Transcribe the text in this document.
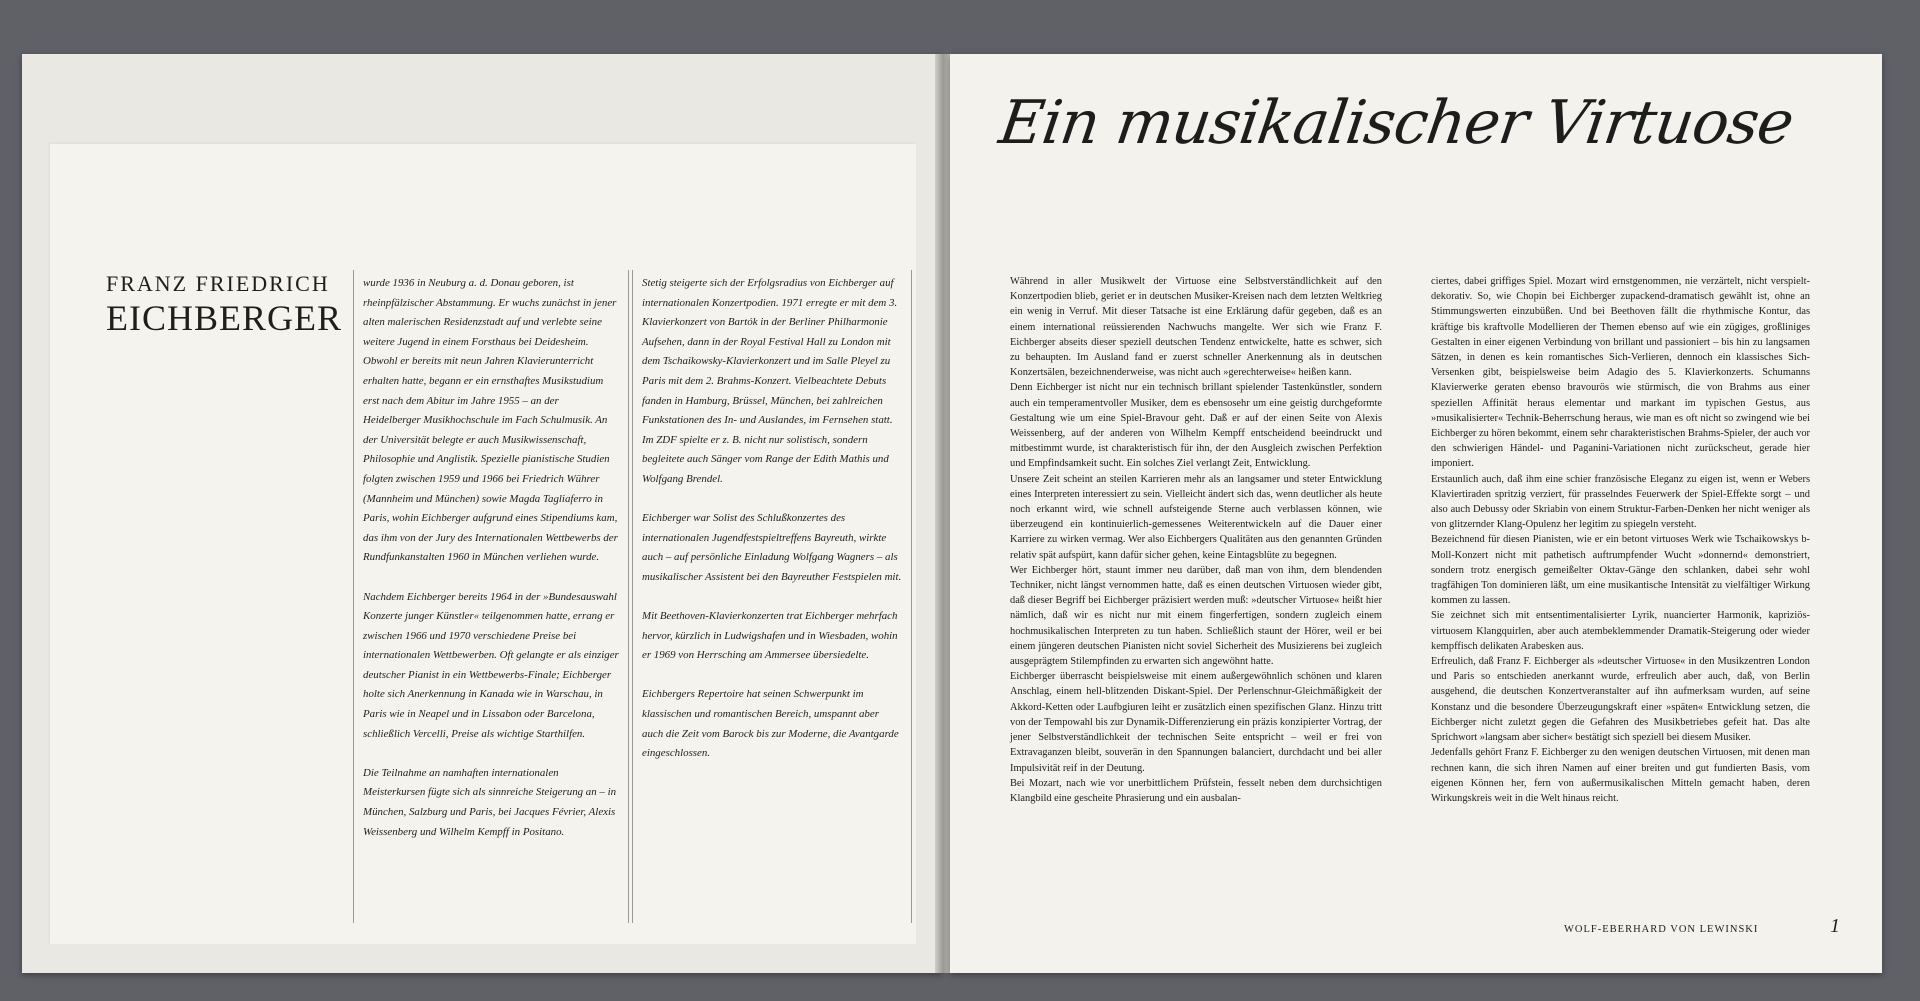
FRANZ FRIEDRICH
EICHBERGER

wurde 1936 in Neuburg a. d. Donau geboren, ist rheinpfälzischer Abstammung. Er wuchs zunächst in jener alten malerischen Residenzstadt auf und verlebte seine weitere Jugend in einem Forsthaus bei Deidesheim. Obwohl er bereits mit neun Jahren Klavierunterricht erhalten hatte, begann er ein ernsthaftes Musikstudium erst nach dem Abitur im Jahre 1955 – an der Heidelberger Musikhochschule im Fach Schulmusik. An der Universität belegte er auch Musikwissenschaft, Philosophie und Anglistik. Spezielle pianistische Studien folgten zwischen 1959 und 1966 bei Friedrich Wührer (Mannheim und München) sowie Magda Tagliaferro in Paris, wohin Eichberger aufgrund eines Stipendiums kam, das ihm von der Jury des Internationalen Wettbewerbs der Rundfunkanstalten 1960 in München verliehen wurde.

Nachdem Eichberger bereits 1964 in der »Bundesauswahl Konzerte junger Künstler« teilgenommen hatte, errang er zwischen 1966 und 1970 verschiedene Preise bei internationalen Wettbewerben. Oft gelangte er als einziger deutscher Pianist in ein Wettbewerbs-Finale; Eichberger holte sich Anerkennung in Kanada wie in Warschau, in Paris wie in Neapel und in Lissabon oder Barcelona, schließlich Vercelli, Preise als wichtige Starthilfen.

Die Teilnahme an namhaften internationalen Meisterkursen fügte sich als sinnreiche Steigerung an – in München, Salzburg und Paris, bei Jacques Février, Alexis Weissenberg und Wilhelm Kempff in Positano.

Stetig steigerte sich der Erfolgsradius von Eichberger auf internationalen Konzertpodien. 1971 erregte er mit dem 3. Klavierkonzert von Bartók in der Berliner Philharmonie Aufsehen, dann in der Royal Festival Hall zu London mit dem Tschaikowsky-Klavierkonzert und im Salle Pleyel zu Paris mit dem 2. Brahms-Konzert. Vielbeachtete Debuts fanden in Hamburg, Brüssel, München, bei zahlreichen Funkstationen des In- und Auslandes, im Fernsehen statt. Im ZDF spielte er z. B. nicht nur solistisch, sondern begleitete auch Sänger vom Range der Edith Mathis und Wolfgang Brendel.

Eichberger war Solist des Schlußkonzertes des internationalen Jugendfestspieltreffens Bayreuth, wirkte auch – auf persönliche Einladung Wolfgang Wagners – als musikalischer Assistent bei den Bayreuther Festspielen mit.

Mit Beethoven-Klavierkonzerten trat Eichberger mehrfach hervor, kürzlich in Ludwigshafen und in Wiesbaden, wohin er 1969 von Herrsching am Ammersee übersiedelte.

Eichbergers Repertoire hat seinen Schwerpunkt im klassischen und romantischen Bereich, umspannt aber auch die Zeit vom Barock bis zur Moderne, die Avantgarde eingeschlossen.

Ein musikalischer Virtuose

Während in aller Musikwelt der Virtuose eine Selbstverständlichkeit auf den Konzertpodien blieb, geriet er in deutschen Musiker-Kreisen nach dem letzten Weltkrieg ein wenig in Verruf. Mit dieser Tatsache ist eine Erklärung dafür gegeben, daß es an einem international reüssierenden Nachwuchs mangelte. Wer sich wie Franz F. Eichberger abseits dieser speziell deutschen Tendenz entwickelte, hatte es schwer, sich zu behaupten. Im Ausland fand er zuerst schneller Anerkennung als in deutschen Konzertsälen, bezeichnenderweise, was nicht auch »gerechterweise« heißen kann.

Denn Eichberger ist nicht nur ein technisch brillant spielender Tastenkünstler, sondern auch ein temperamentvoller Musiker, dem es ebensosehr um eine geistig durchgeformte Gestaltung wie um eine Spiel-Bravour geht. Daß er auf der einen Seite von Alexis Weissenberg, auf der anderen von Wilhelm Kempff entscheidend beeindruckt und mitbestimmt wurde, ist charakteristisch für ihn, der den Ausgleich zwischen Perfektion und Empfindsamkeit sucht. Ein solches Ziel verlangt Zeit, Entwicklung.

Unsere Zeit scheint an steilen Karrieren mehr als an langsamer und steter Entwicklung eines Interpreten interessiert zu sein. Vielleicht ändert sich das, wenn deutlicher als heute noch erkannt wird, wie schnell aufsteigende Sterne auch verblassen können, wie überzeugend ein kontinuierlich-gemessenes Weiterentwickeln auf die Dauer einer Karriere zu wirken vermag. Wer also Eichbergers Qualitäten aus den genannten Gründen relativ spät aufspürt, kann dafür sicher gehen, keine Eintagsblüte zu begegnen.

Wer Eichberger hört, staunt immer neu darüber, daß man von ihm, dem blendenden Techniker, nicht längst vernommen hatte, daß es einen deutschen Virtuosen wieder gibt, daß dieser Begriff bei Eichberger präzisiert werden muß: »deutscher Virtuose« heißt hier nämlich, daß wir es nicht nur mit einem fingerfertigen, sondern zugleich einem hochmusikalischen Interpreten zu tun haben. Schließlich staunt der Hörer, weil er bei einem jüngeren deutschen Pianisten nicht soviel Sicherheit des Musizierens bei zugleich ausgeprägtem Stilempfinden zu erwarten sich angewöhnt hatte.

Eichberger überrascht beispielsweise mit einem außergewöhnlich schönen und klaren Anschlag, einem hell-blitzenden Diskant-Spiel. Der Perlenschnur-Gleichmäßigkeit der Akkord-Ketten oder Laufbgiuren leiht er zusätzlich einen spezifischen Glanz. Hinzu tritt von der Tempowahl bis zur Dynamik-Differenzierung ein präzis konzipierter Vortrag, der jener Selbstverständlichkeit der technischen Seite entspricht – weil er frei von Extravaganzen bleibt, souverän in den Spannungen balanciert, durchdacht und bei aller Impulsivität reif in der Deutung.

Bei Mozart, nach wie vor unerbittlichem Prüfstein, fesselt neben dem durchsichtigen Klangbild eine gescheite Phrasierung und ein ausbalan-

ciertes, dabei griffiges Spiel. Mozart wird ernstgenommen, nie verzärtelt, nicht verspielt-dekorativ. So, wie Chopin bei Eichberger zupackend-dramatisch gewählt ist, ohne an Stimmungswerten einzubüßen. Und bei Beethoven fällt die rhythmische Kontur, das kräftige bis kraftvolle Modellieren der Themen ebenso auf wie ein zügiges, großliniges Gestalten in einer eigenen Verbindung von brillant und passioniert – bis hin zu langsamen Sätzen, in denen es kein romantisches Sich-Verlieren, dennoch ein klassisches Sich-Versenken gibt, beispielsweise beim Adagio des 5. Klavierkonzerts. Schumanns Klavierwerke geraten ebenso bravourös wie stürmisch, die von Brahms aus einer speziellen Affinität heraus elementar und markant im typischen Gestus, aus »musikalisierter« Technik-Beherrschung heraus, wie man es oft nicht so zwingend wie bei Eichberger zu hören bekommt, einem sehr charakteristischen Brahms-Spieler, der auch vor den schwierigen Händel- und Paganini-Variationen nicht zurückscheut, gerade hier imponiert.

Erstaunlich auch, daß ihm eine schier französische Eleganz zu eigen ist, wenn er Webers Klaviertiraden spritzig verziert, für prasselndes Feuerwerk der Spiel-Effekte sorgt – und also auch Debussy oder Skriabin von einem Struktur-Farben-Denken her nicht weniger als von glitzernder Klang-Opulenz her legitim zu spiegeln versteht.

Bezeichnend für diesen Pianisten, wie er ein betont virtuoses Werk wie Tschaikowskys b-Moll-Konzert nicht mit pathetisch auftrumpfender Wucht »donnernd« demonstriert, sondern trotz energisch gemeißelter Oktav-Gänge den schlanken, dabei sehr wohl tragfähigen Ton dominieren läßt, um eine musikantische Intensität zu vielfältiger Wirkung kommen zu lassen.

Sie zeichnet sich mit entsentimentalisierter Lyrik, nuancierter Harmonik, kapriziös-virtuosem Klangquirlen, aber auch atembeklemmender Dramatik-Steigerung oder wieder kempffisch delikaten Arabesken aus.

Erfreulich, daß Franz F. Eichberger als »deutscher Virtuose« in den Musikzentren London und Paris so entschieden anerkannt wurde, erfreulich aber auch, daß, von Berlin ausgehend, die deutschen Konzertveranstalter auf ihn aufmerksam wurden, auf seine Konstanz und die besondere Überzeugungskraft einer »späten« Entwicklung setzen, die Eichberger nicht zuletzt gegen die Gefahren des Musikbetriebes gefeit hat. Das alte Sprichwort »langsam aber sicher« bestätigt sich speziell bei diesem Musiker.

Jedenfalls gehört Franz F. Eichberger zu den wenigen deutschen Virtuosen, mit denen man rechnen kann, die sich ihren Namen auf einer breiten und gut fundierten Basis, vom eigenen Können her, fern von außermusikalischen Mitteln gemacht haben, deren Wirkungskreis weit in die Welt hinaus reicht.

WOLF-EBERHARD VON LEWINSKI	1
